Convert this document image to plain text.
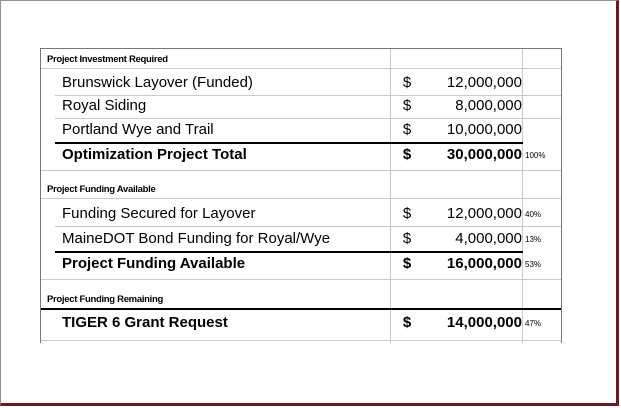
Project Investment Required
Brunswick Layover (Funded)	$	12,000,000
Royal Siding	$	8,000,000
Portland Wye and Trail	$	10,000,000
Optimization Project Total	$	30,000,000 100%
Project Funding Available
Funding Secured for Layover	$	12,000,000 40%
MaineDOT Bond Funding for Royal/Wye	$	4,000,000 13%
Project Funding Available	$	16,000,000 53%
Project Funding Remaining
TIGER 6 Grant Request	$	14,000,000 47%
